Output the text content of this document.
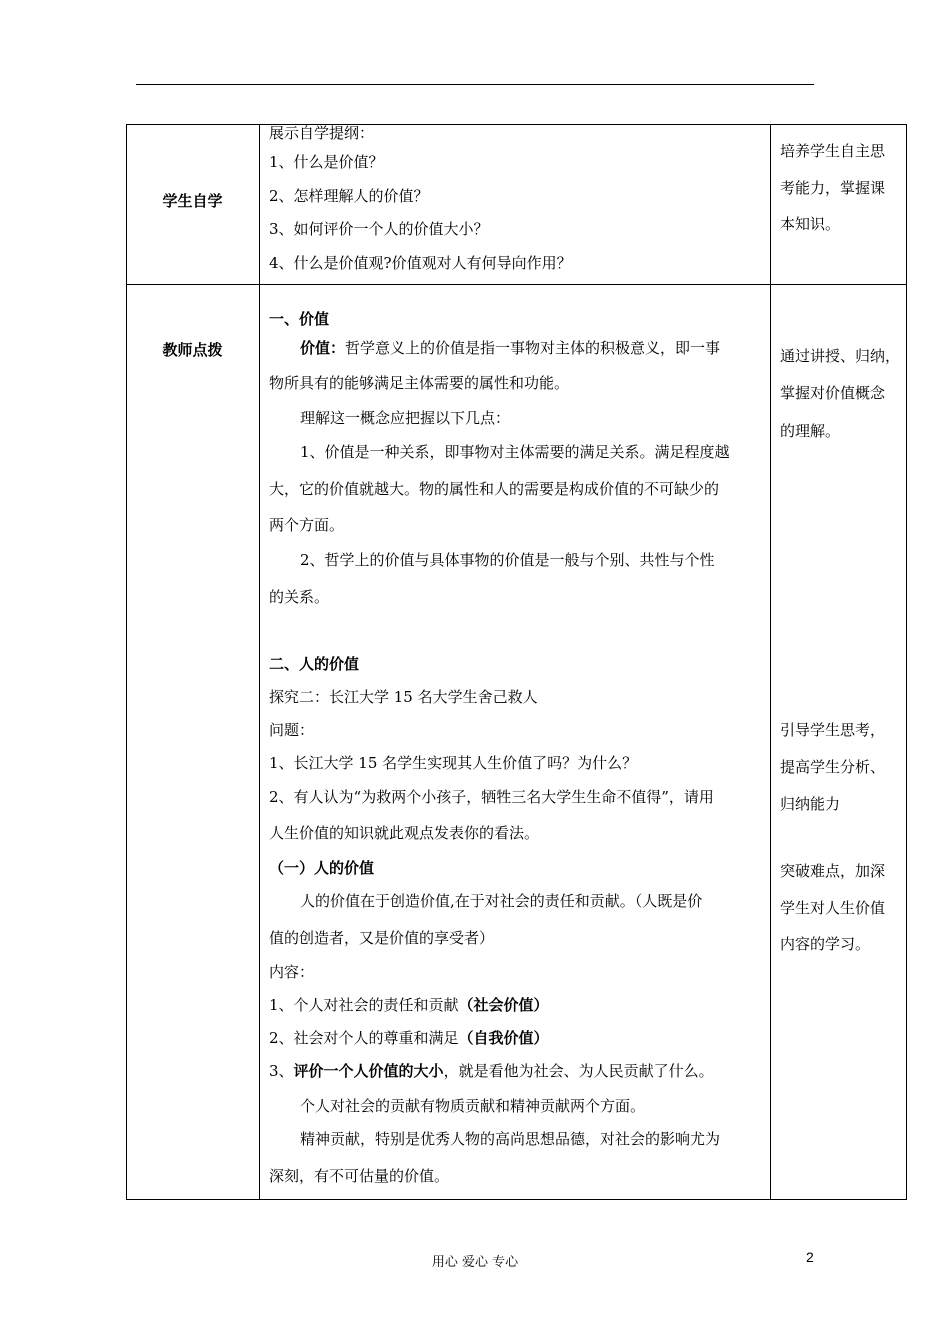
学生自学
展示自学提纲：
1、什么是价值？
2、怎样理解人的价值？
3、如何评价一个人的价值大小？
4、什么是价值观?价值观对人有何导向作用？
培养学生自主思
考能力，掌握课
本知识。
教师点拨
一、价值
价值：哲学意义上的价值是指一事物对主体的积极意义，即一事
物所具有的能够满足主体需要的属性和功能。
理解这一概念应把握以下几点：
1、价值是一种关系，即事物对主体需要的满足关系。满足程度越
大，它的价值就越大。物的属性和人的需要是构成价值的不可缺少的
两个方面。
2、哲学上的价值与具体事物的价值是一般与个别、共性与个性
的关系。
二、人的价值
探究二：长江大学 15 名大学生舍己救人
问题：
1、长江大学 15 名学生实现其人生价值了吗？为什么？
2、有人认为“为救两个小孩子，牺牲三名大学生生命不值得”，请用
人生价值的知识就此观点发表你的看法。
（一）人的价值
人的价值在于创造价值,在于对社会的责任和贡献。（人既是价
值的创造者，又是价值的享受者）
内容：
1、个人对社会的责任和贡献（社会价值）
2、社会对个人的尊重和满足（自我价值）
3、评价一个人价值的大小，就是看他为社会、为人民贡献了什么。
个人对社会的贡献有物质贡献和精神贡献两个方面。
精神贡献，特别是优秀人物的高尚思想品德，对社会的影响尤为
深刻，有不可估量的价值。
通过讲授、归纳，
掌握对价值概念
的理解。
引导学生思考，
提高学生分析、
归纳能力
突破难点，加深
学生对人生价值
内容的学习。
用心 爱心 专心	2
